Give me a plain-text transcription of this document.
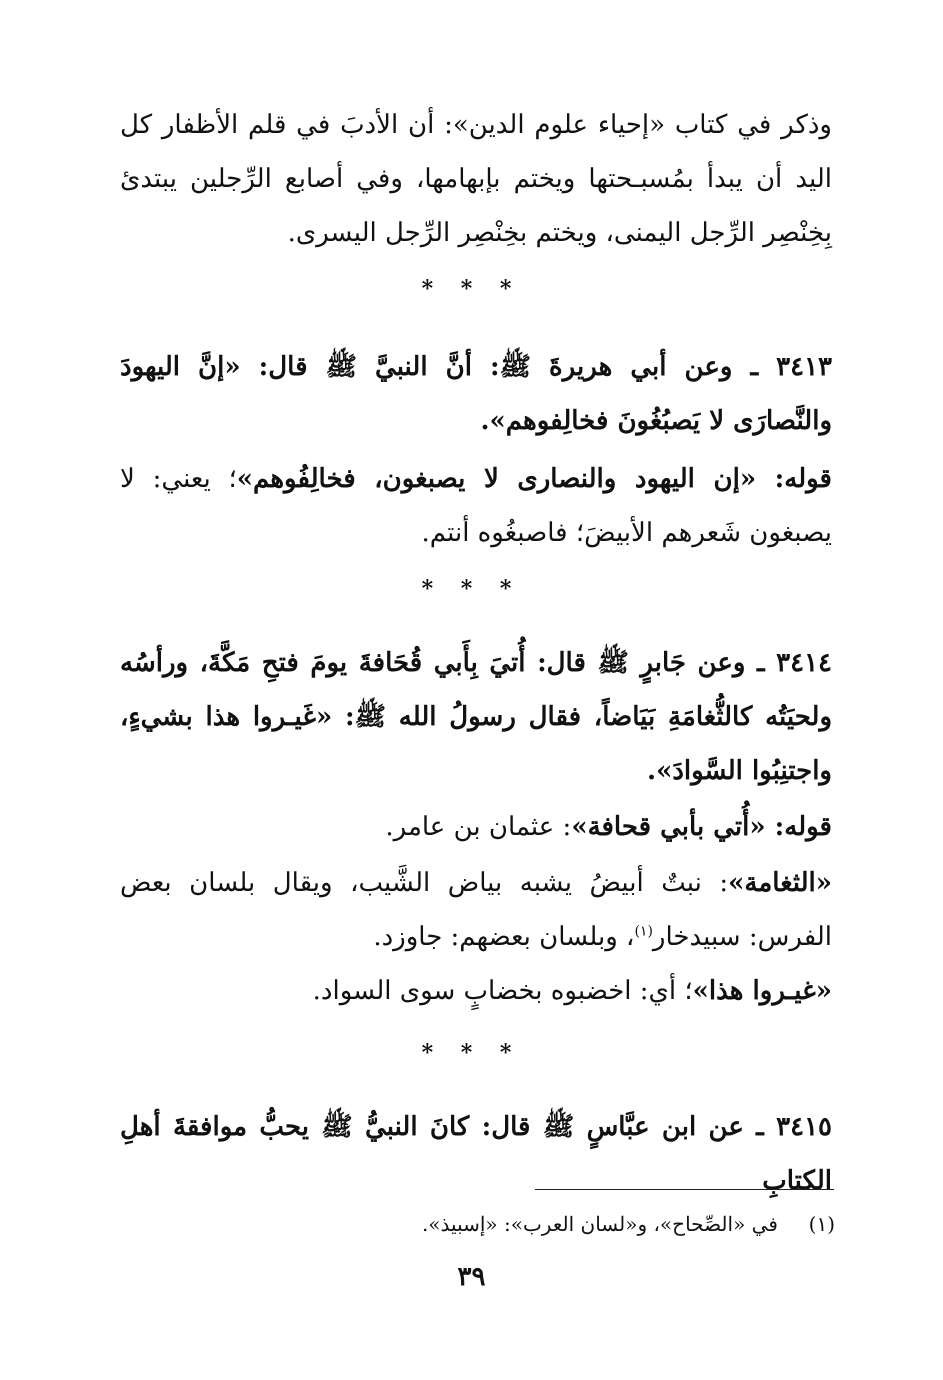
وذكر في كتاب «إحياء علوم الدين»: أن الأدبَ في قلم الأظفار كل اليد أن يبدأ بمُسبـحتها ويختم بإبهامها، وفي أصابع الرِّجلين يبتدئ بِخِنْصِر الرِّجل اليمنى، ويختم بخِنْصِر الرِّجل اليسرى.
* * *
٣٤١٣ ـ وعن أبي هريرةَ ﷺ: أنَّ النبيَّ ﷺ قال: «إنَّ اليهودَ والنَّصارَى لا يَصبُغُونَ فخالِفوهم».
قوله: «إن اليهود والنصارى لا يصبغون، فخالِفُوهم»؛ يعني: لا يصبغون شَعرهم الأبيضَ؛ فاصبغُوه أنتم.
* * *
٣٤١٤ ـ وعن جَابرٍ ﷺ قال: أُتيَ بِأَبي قُحَافةَ يومَ فتحِ مَكَّةَ، ورأسُه ولحيَتُه كالثُّغامَةِ بَيَاضاً، فقال رسولُ الله ﷺ: «غَيـروا هذا بشيءٍ، واجتنِبُوا السَّوادَ».
قوله: «أُتي بأبي قحافة»: عثمان بن عامر.
«الثغامة»: نبتٌ أبيضُ يشبه بياض الشَّيب، ويقال بلسان بعض الفرس: سبيدخار$^{(١)}$، وبلسان بعضهم: جاوزد.
«غيـروا هذا»؛ أي: اخضبوه بخضابٍ سوى السواد.
* * *
٣٤١٥ ـ عن ابن عبَّاسٍ ﷺ قال: كانَ النبيُّ ﷺ يحبُّ موافقةَ أهلِ الكتابِ
(١)  في «الصِّحاح»، و«لسان العرب»: «إسبيذ».
٣٩
